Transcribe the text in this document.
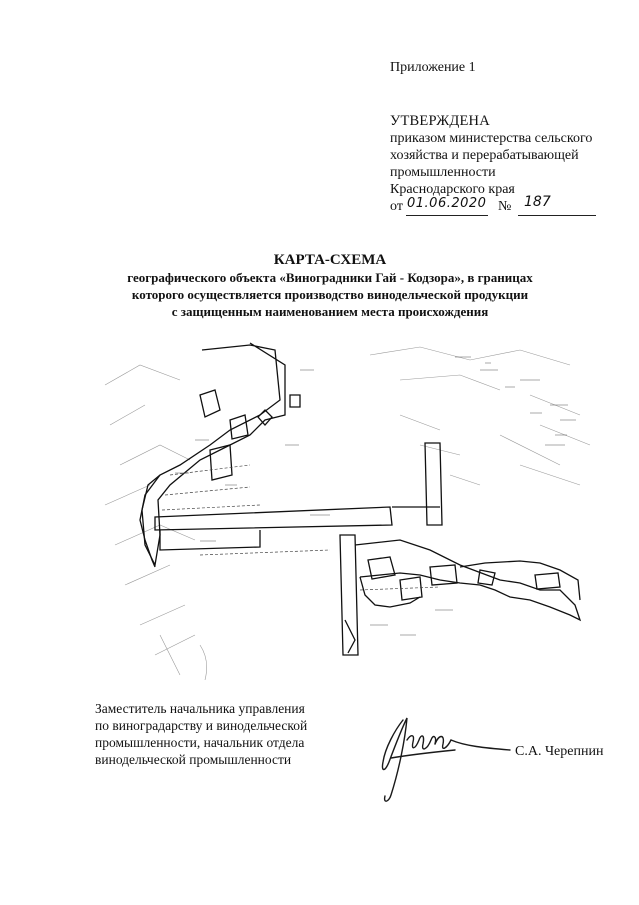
Приложение 1
УТВЕРЖДЕНА
приказом министерства сельского
хозяйства и перерабатывающей
промышленности
Краснодарского края
от 01.06.2020 № 187
КАРТА-СХЕМА
географического объекта «Виноградники Гай - Кодзора», в границах
которого осуществляется производство винодельческой продукции
с защищенным наименованием места происхождения
Заместитель начальника управления
по виноградарству и винодельческой
промышленности, начальник отдела
винодельческой промышленности
С.А. Черепнин
